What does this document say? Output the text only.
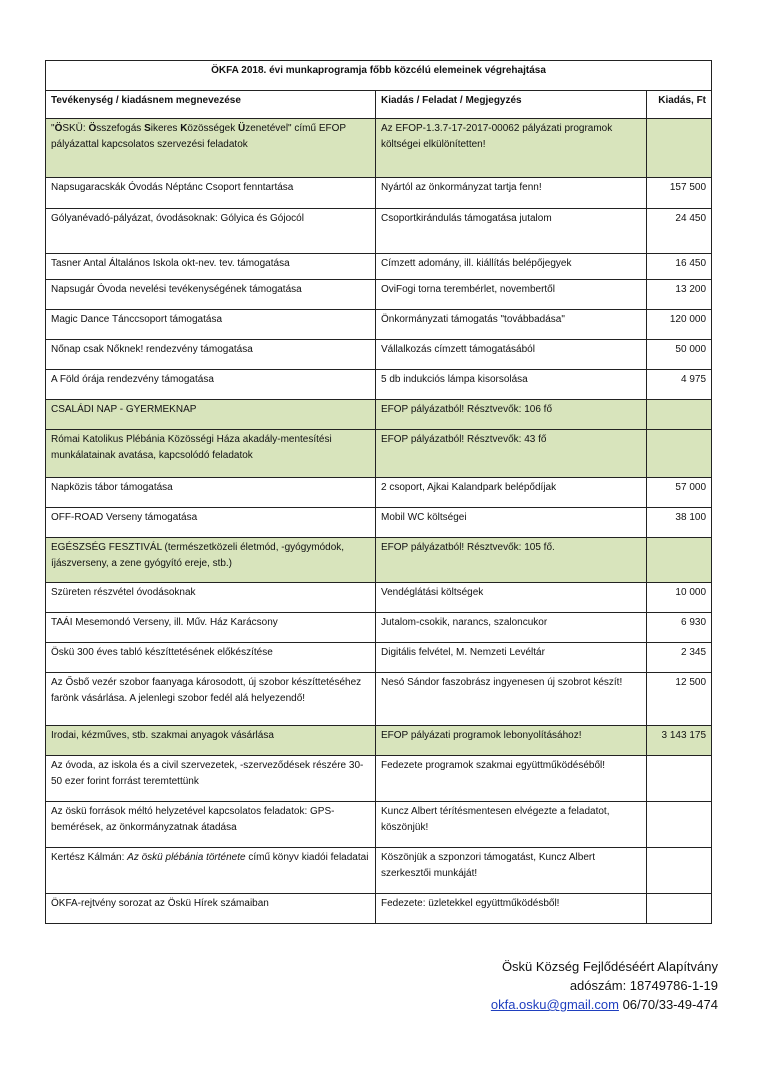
ÖKFA 2018. évi munkaprogramja főbb közcélú elemeinek végrehajtása		
Tevékenység / kiadásnem megnevezése	Kiadás / Feladat / Megjegyzés	Kiadás, Ft
"ÖSKÜ: Összefogás Sikeres Közösségek Üzenetével" című EFOP pályázattal kapcsolatos szervezési feladatok	Az EFOP-1.3.7-17-2017-00062 pályázati programok költségei elkülönítetten!	
Napsugaracskák Óvodás Néptánc Csoport fenntartása	Nyártól az önkormányzat tartja fenn!	157 500
Gólyanévadó-pályázat, óvodásoknak: Gólyica és Gójocól	Csoportkirándulás támogatása jutalom	24 450
Tasner Antal Általános Iskola okt-nev. tev. támogatása	Címzett adomány, ill. kiállítás belépőjegyek	16 450
Napsugár Óvoda nevelési tevékenységének támogatása	OviFogi torna terembérlet, novembertől	13 200
Magic Dance Tánccsoport támogatása	Önkormányzati támogatás "továbbadása"	120 000
Nőnap csak Nőknek! rendezvény támogatása	Vállalkozás címzett támogatásából	50 000
A Föld órája rendezvény támogatása	5 db indukciós lámpa kisorsolása	4 975
CSALÁDI NAP - GYERMEKNAP	EFOP pályázatból! Résztvevők: 106 fő	
Római Katolikus Plébánia Közösségi Háza akadály-mentesítési munkálatainak avatása, kapcsolódó feladatok	EFOP pályázatból! Résztvevők: 43 fő	
Napközis tábor támogatása	2 csoport, Ajkai Kalandpark belépődíjak	57 000
OFF-ROAD Verseny támogatása	Mobil WC költségei	38 100
EGÉSZSÉG FESZTIVÁL (természetközeli életmód, -gyógymódok, íjászverseny, a zene gyógyító ereje, stb.)	EFOP pályázatból! Résztvevők: 105 fő.	
Szüreten részvétel óvodásoknak	Vendéglátási költségek	10 000
TAÁI Mesemondó Verseny, ill. Műv. Ház Karácsony	Jutalom-csokik, narancs, szaloncukor	6 930
Öskü 300 éves tabló készíttetésének előkészítése	Digitális felvétel, M. Nemzeti Levéltár	2 345
Az Ősbő vezér szobor faanyaga károsodott, új szobor készíttetéséhez farönk vásárlása. A jelenlegi szobor fedél alá helyezendő!	Nesó Sándor faszobrász ingyenesen új szobrot készít!	12 500
Irodai, kézműves, stb. szakmai anyagok vásárlása	EFOP pályázati programok lebonyolításához!	3 143 175
Az óvoda, az iskola és a civil szervezetek, -szerveződések részére 30-50 ezer forint forrást teremtettünk	Fedezete programok szakmai együttműködéséből!	
Az öskü források méltó helyzetével kapcsolatos feladatok: GPS-bemérések, az önkormányzatnak átadása	Kuncz Albert térítésmentesen elvégezte a feladatot, köszönjük!	
Kertész Kálmán: Az öskü plébánia története című könyv kiadói feladatai	Köszönjük a szponzori támogatást, Kuncz Albert szerkesztői munkáját!	
ÖKFA-rejtvény sorozat az Öskü Hírek számaiban	Fedezete: üzletekkel együttműködésből!	
Öskü Község Fejlődéséért Alapítvány
adószám: 18749786-1-19
okfa.osku@gmail.com 06/70/33-49-474
